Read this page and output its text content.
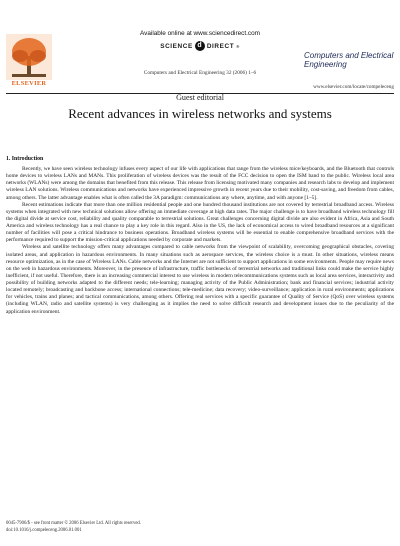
Available online at www.sciencedirect.com
SCIENCE d DIRECT ®
ELSEVIER
Computers and Electrical Engineering 32 (2006) 1–6
Computers and Electrical Engineering
www.elsevier.com/locate/compeleceng
Guest editorial
Recent advances in wireless networks and systems
1. Introduction

Recently, we have seen wireless technology infuses every aspect of our life with applications that range from the wireless mice/keyboards, and the Bluetooth that controls home devices to wireless LANs and MANs. This proliferation of wireless devices was the result of the FCC decision to open the ISM band to the public. Wireless local area networks (WLANs) were among the domains that benefited from this release. This release from licensing motivated many companies and research labs to develop and implement wireless LAN solutions. Wireless communications and networks have experienced impressive growth in recent years due to their mobility, cost-saving, and freedom from cables, among others. The latter advantage enables what is often called the 3A paradigm: communications any where, anytime, and with anyone [1–5].

Recent estimations indicate that more than one million residential people and one hundred thousand institutions are not covered by terrestrial broadband access. Wireless systems when integrated with new technical solutions allow offering an immediate coverage at high data rates. The major challenge is to have broadband wireless technology fill the digital divide at service cost, reliability and quality comparable to terrestrial solutions. Great challenges concerning digital divide are also evident in Africa, Asia and South America and wireless technology has a real chance to play a key role in this regard. Also in the US, the lack of economical access to wired broadband resources at a significant number of facilities will pose a critical hindrance to business operations. Broadband wireless systems will be essential to enable comprehensive broadband services with the performance required to support the mission-critical applications needed by corporate and markets.

Wireless and satellite technology offers many advantages compared to cable networks from the viewpoint of scalability, overcoming geographical obstacles, covering isolated areas, and application in hazardous environments. In many situations such as aerospace services, the wireless choice is a must. In other situations, wireless means resource optimization, as in the case of Wireless LANs. Cable networks and the Internet are not sufficient to support applications in some environments. People may require news on the web in hazardous environments. Moreover, in the presence of infrastructure, traffic bottlenecks of terrestrial networks and traditional links could make the service highly inefficient, if not useful. Therefore, there is an increasing commercial interest to use wireless in modern telecommunications systems such as local area services, interactivity and possibility of building networks adapted to the different needs; tele-learning; managing activity of the Public Administration; bank and financial services; industrial activity located remotely; broadcasting and backbone access; international connections; tele-medicine; data recovery; video-surveillance; application in rural environments; applications for vehicles, trains and planes; and tactical communications, among others. Offering real services with a specific guarantee of Quality of Service (QoS) over wireless systems (including WLAN, radio and satellite systems) is very challenging as it implies the need to solve difficult research and development issues due to the peculiarity of the application environment.

0045-7906/$ - see front matter © 2006 Elsevier Ltd. All rights reserved.
doi:10.1016/j.compeleceng.2006.01.001
